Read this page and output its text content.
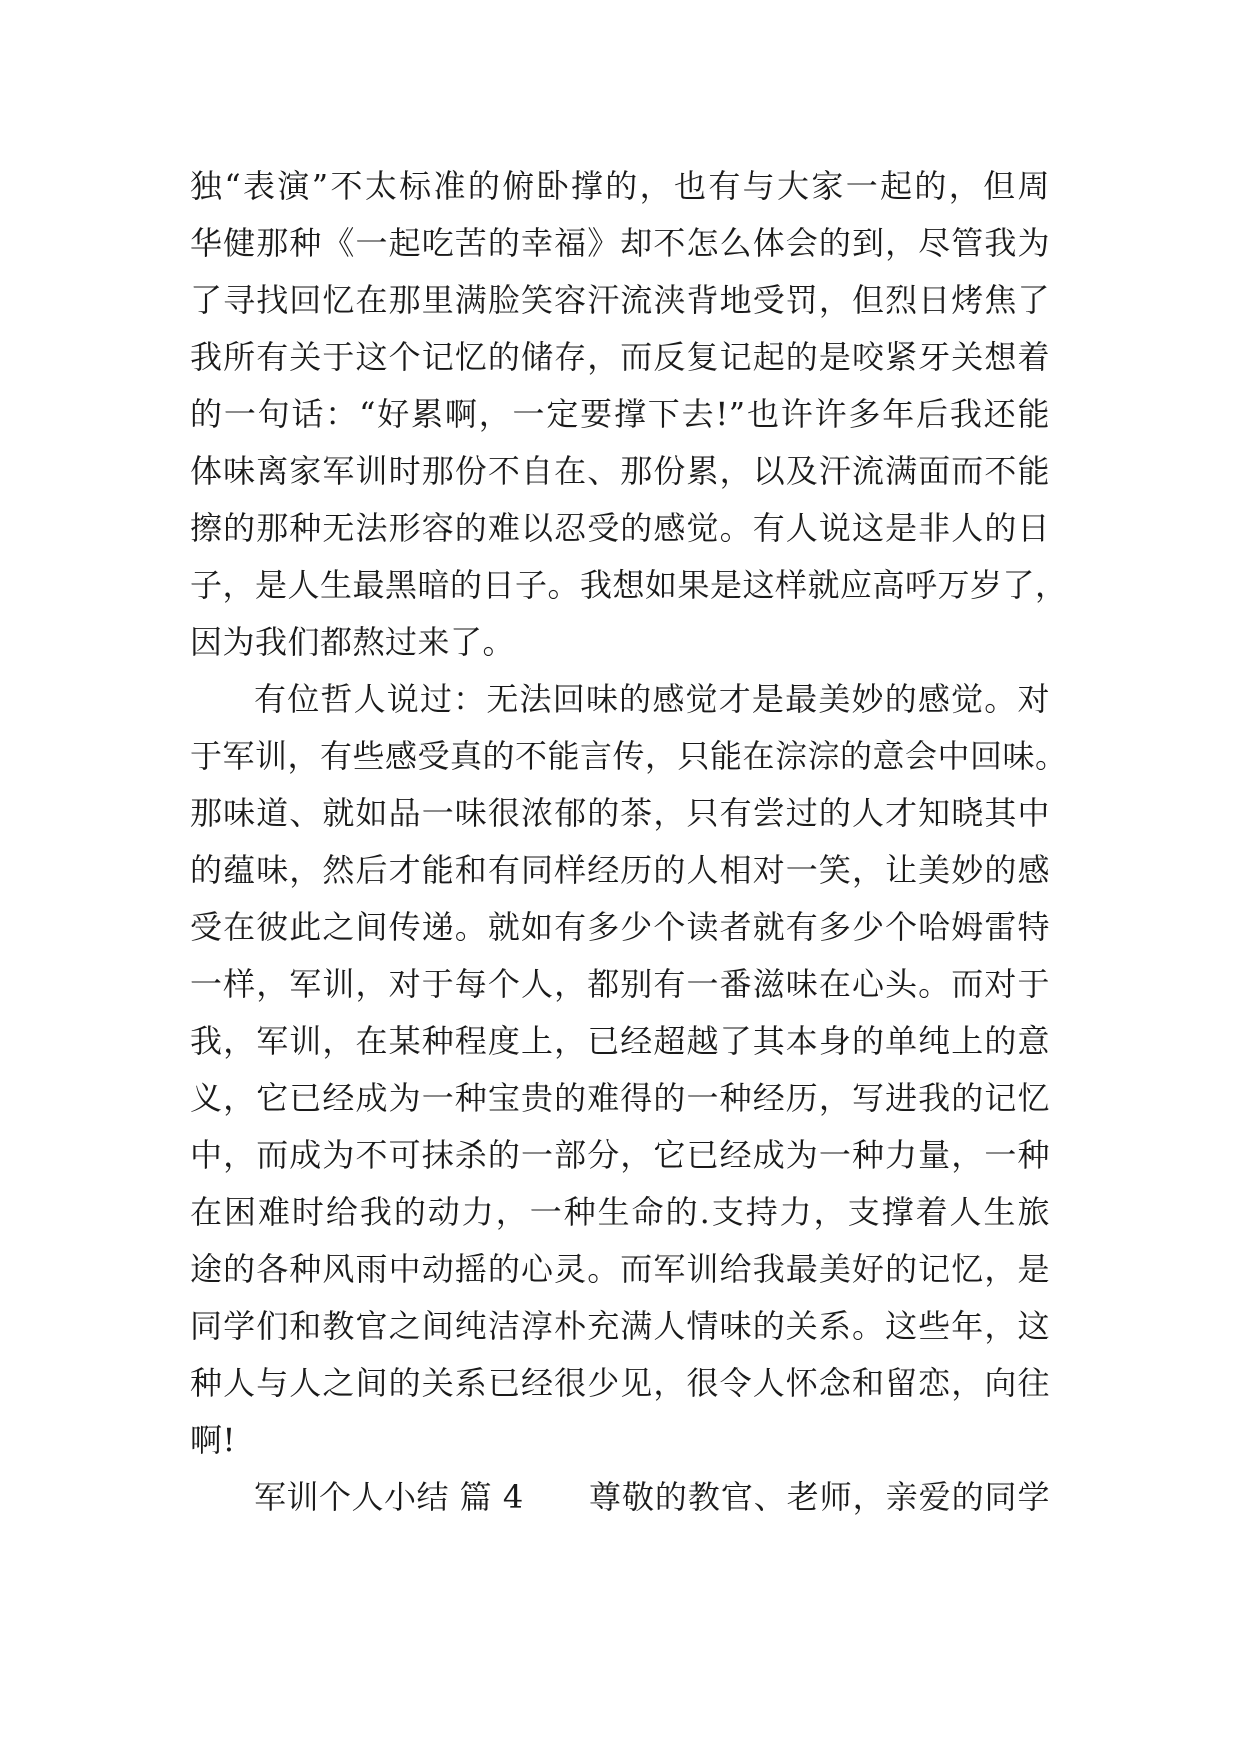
独“表演”不太标准的俯卧撑的，也有与大家一起的，但周
华健那种《一起吃苦的幸福》却不怎么体会的到，尽管我为
了寻找回忆在那里满脸笑容汗流浃背地受罚，但烈日烤焦了
我所有关于这个记忆的储存，而反复记起的是咬紧牙关想着
的一句话：“好累啊，一定要撑下去!”也许许多年后我还能
体味离家军训时那份不自在、那份累，以及汗流满面而不能
擦的那种无法形容的难以忍受的感觉。有人说这是非人的日
子，是人生最黑暗的日子。我想如果是这样就应高呼万岁了，
因为我们都熬过来了。
有位哲人说过：无法回味的感觉才是最美妙的感觉。对
于军训，有些感受真的不能言传，只能在淙淙的意会中回味。
那味道、就如品一味很浓郁的茶，只有尝过的人才知晓其中
的蕴味，然后才能和有同样经历的人相对一笑，让美妙的感
受在彼此之间传递。就如有多少个读者就有多少个哈姆雷特
一样，军训，对于每个人，都别有一番滋味在心头。而对于
我，军训，在某种程度上，已经超越了其本身的单纯上的意
义，它已经成为一种宝贵的难得的一种经历，写进我的记忆
中，而成为不可抹杀的一部分，它已经成为一种力量，一种
在困难时给我的动力，一种生命的.支持力，支撑着人生旅
途的各种风雨中动摇的心灵。而军训给我最美好的记忆，是
同学们和教官之间纯洁淳朴充满人情味的关系。这些年，这
种人与人之间的关系已经很少见，很令人怀念和留恋，向往
啊!
军训个人小结 篇 4	尊敬的教官、老师，亲爱的同学
